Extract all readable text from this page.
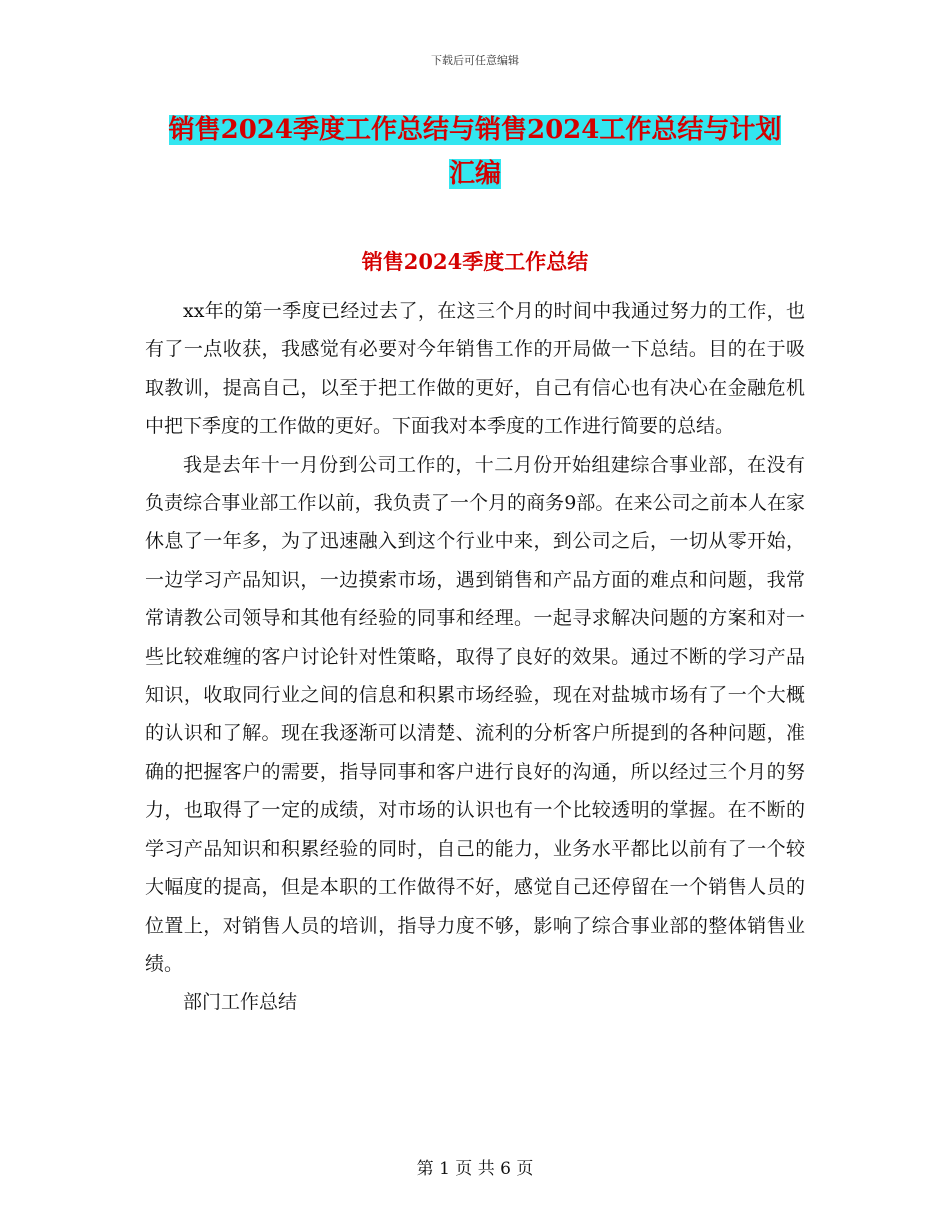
下载后可任意编辑
销售2024季度工作总结与销售2024工作总结与计划
汇编
销售2024季度工作总结

xx年的第一季度已经过去了，在这三个月的时间中我通过努力的工作，也有了一点收获，我感觉有必要对今年销售工作的开局做一下总结。目的在于吸取教训，提高自己，以至于把工作做的更好，自己有信心也有决心在金融危机中把下季度的工作做的更好。下面我对本季度的工作进行简要的总结。

我是去年十一月份到公司工作的，十二月份开始组建综合事业部，在没有负责综合事业部工作以前，我负责了一个月的商务9部。在来公司之前本人在家休息了一年多，为了迅速融入到这个行业中来，到公司之后，一切从零开始，一边学习产品知识，一边摸索市场，遇到销售和产品方面的难点和问题，我常常请教公司领导和其他有经验的同事和经理。一起寻求解决问题的方案和对一些比较难缠的客户讨论针对性策略，取得了良好的效果。通过不断的学习产品知识，收取同行业之间的信息和积累市场经验，现在对盐城市场有了一个大概的认识和了解。现在我逐渐可以清楚、流利的分析客户所提到的各种问题，准确的把握客户的需要，指导同事和客户进行良好的沟通，所以经过三个月的努力，也取得了一定的成绩，对市场的认识也有一个比较透明的掌握。在不断的学习产品知识和积累经验的同时，自己的能力，业务水平都比以前有了一个较大幅度的提高，但是本职的工作做得不好，感觉自己还停留在一个销售人员的位置上，对销售人员的培训，指导力度不够，影响了综合事业部的整体销售业绩。

部门工作总结

第 1 页 共 6 页
